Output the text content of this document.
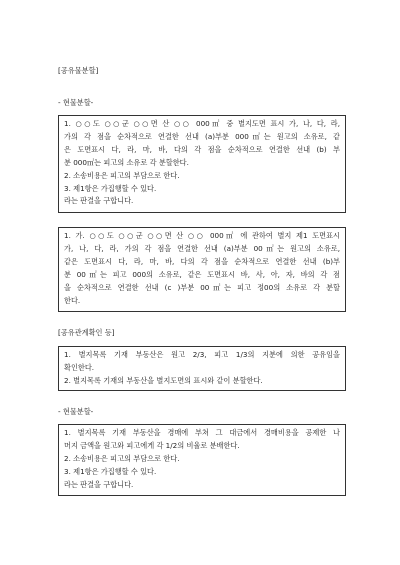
[공유물분할]
- 현물분할-
1. ○○도 ○○군 ○○면 산 ○○ 000㎡ 중 별지도면 표시 가, 나, 다, 라,
가의 각 점을 순차적으로 연결한 선내 (a)부분 000㎡는 원고의 소유로, 같
은 도면표시 다, 라, 마, 바, 다의 각 점을 순차적으로 연결한 선내 (b) 부
분 000㎡는 피고의 소유로 각 분할한다.
2. 소송비용은 피고의 부담으로 한다.
3. 제1항은 가집행할 수 있다.
라는 판결을 구합니다.
1. 가. ○○도 ○○군 ○○면 산 ○○ 000㎡ 에 관하여 별지 제1 도면표시
가, 나, 다, 라, 가의 각 점을 연결한 선내 (a)부분 00㎡는 원고의 소유로,
같은 도면표시 다, 라, 마, 바, 다의 각 점을 순차적으로 연결한 선내 (b)부
분 00㎡는 피고 000의 소유로, 같은 도면표시 바, 사, 아, 자, 바의 각 점
을 순차적으로 연결한 선내 (c )부분 00㎡는 피고 정00의 소유로 각 분할
한다.
[공유관계확인 등]
1. 별지목록 기재 부동산은 원고 2/3, 피고 1/3의 지분에 의한 공유임을
확인한다.
2. 별지목록 기재의 부동산을 별지도면의 표시와 같이 분할한다.
- 현물분할-
1. 별지목록 기재 부동산을 경매에 부쳐 그 대금에서 경매비용을 공제한 나
머지 금액을 원고와 피고에게 각 1/2의 비율로 분배한다.
2. 소송비용은 피고의 부담으로 한다.
3. 제1항은 가집행할 수 있다.
라는 판결을 구합니다.
